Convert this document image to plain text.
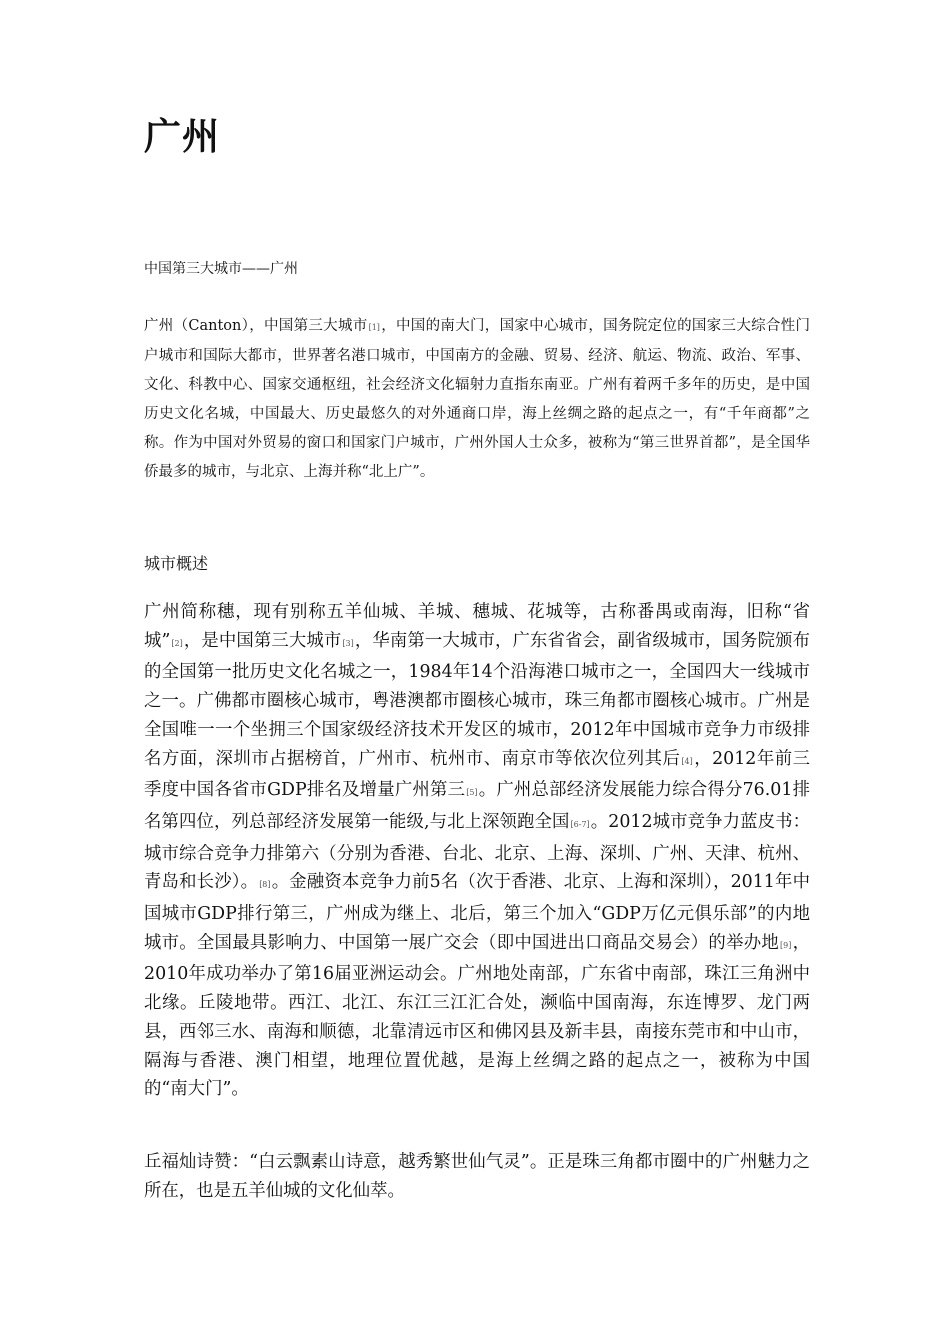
广州

中国第三大城市——广州

广州（Canton），中国第三大城市[1]，中国的南大门，国家中心城市，国务院定位的国家三大综合性门户城市和国际大都市，世界著名港口城市，中国南方的金融、贸易、经济、航运、物流、政治、军事、文化、科教中心、国家交通枢纽，社会经济文化辐射力直指东南亚。广州有着两千多年的历史，是中国历史文化名城，中国最大、历史最悠久的对外通商口岸，海上丝绸之路的起点之一，有“千年商都”之称。作为中国对外贸易的窗口和国家门户城市，广州外国人士众多，被称为“第三世界首都”，是全国华侨最多的城市，与北京、上海并称“北上广”。

城市概述

广州简称穗，现有别称五羊仙城、羊城、穗城、花城等，古称番禺或南海，旧称“省城”[2]，是中国第三大城市[3]，华南第一大城市，广东省省会，副省级城市，国务院颁布的全国第一批历史文化名城之一，1984年14个沿海港口城市之一，全国四大一线城市之一。广佛都市圈核心城市，粤港澳都市圈核心城市，珠三角都市圈核心城市。广州是全国唯一一个坐拥三个国家级经济技术开发区的城市，2012年中国城市竞争力市级排名方面，深圳市占据榜首，广州市、杭州市、南京市等依次位列其后[4]，2012年前三季度中国各省市GDP排名及增量广州第三[5]。广州总部经济发展能力综合得分76.01排名第四位，列总部经济发展第一能级,与北上深领跑全国[6-7]。2012城市竞争力蓝皮书：城市综合竞争力排第六（分别为香港、台北、北京、上海、深圳、广州、天津、杭州、青岛和长沙）。[8]。金融资本竞争力前5名（次于香港、北京、上海和深圳），2011年中国城市GDP排行第三，广州成为继上、北后，第三个加入“GDP万亿元俱乐部”的内地城市。全国最具影响力、中国第一展广交会（即中国进出口商品交易会）的举办地[9]，2010年成功举办了第16届亚洲运动会。广州地处南部，广东省中南部，珠江三角洲中北缘。丘陵地带。西江、北江、东江三江汇合处，濒临中国南海，东连博罗、龙门两县，西邻三水、南海和顺德，北靠清远市区和佛冈县及新丰县，南接东莞市和中山市，隔海与香港、澳门相望，地理位置优越，是海上丝绸之路的起点之一，被称为中国的“南大门”。

丘福灿诗赞：“白云飘素山诗意，越秀繁世仙气灵”。正是珠三角都市圈中的广州魅力之所在，也是五羊仙城的文化仙萃。
